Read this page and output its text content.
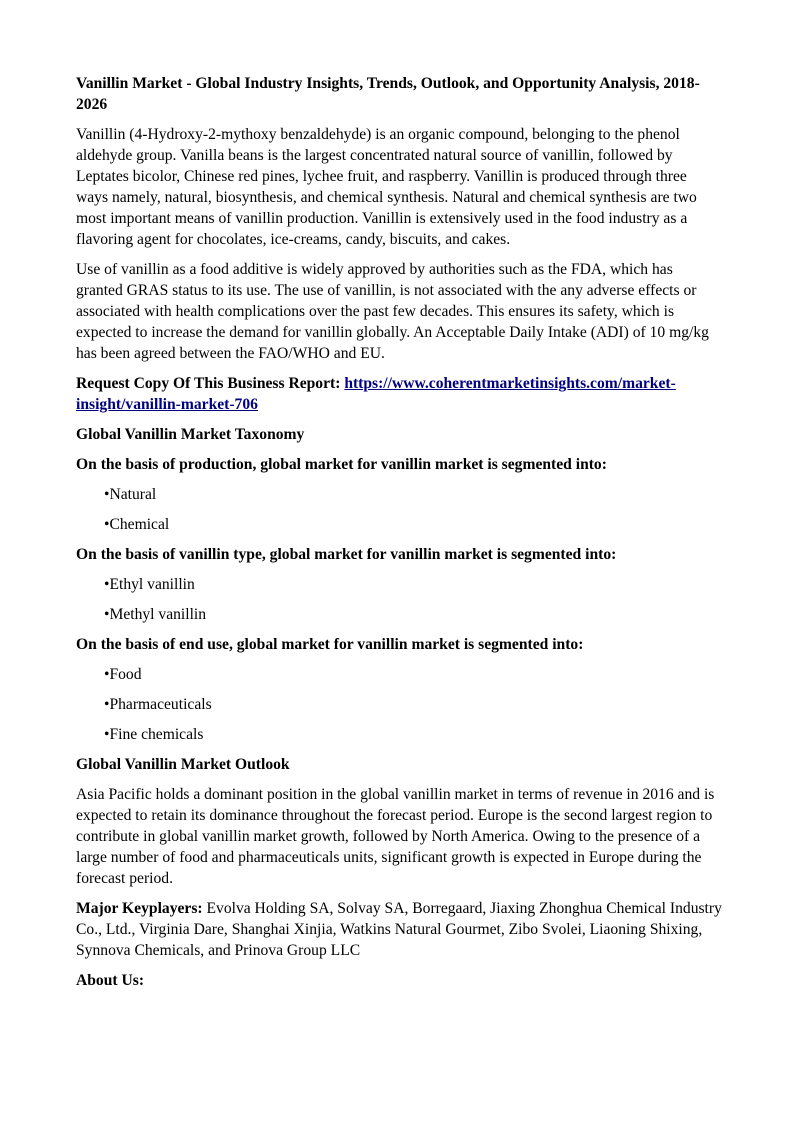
Vanillin Market - Global Industry Insights, Trends, Outlook, and Opportunity Analysis, 2018-2026

Vanillin (4-Hydroxy-2-mythoxy benzaldehyde) is an organic compound, belonging to the phenol aldehyde group. Vanilla beans is the largest concentrated natural source of vanillin, followed by Leptates bicolor, Chinese red pines, lychee fruit, and raspberry. Vanillin is produced through three ways namely, natural, biosynthesis, and chemical synthesis. Natural and chemical synthesis are two most important means of vanillin production. Vanillin is extensively used in the food industry as a flavoring agent for chocolates, ice-creams, candy, biscuits, and cakes.

Use of vanillin as a food additive is widely approved by authorities such as the FDA, which has granted GRAS status to its use. The use of vanillin, is not associated with the any adverse effects or associated with health complications over the past few decades. This ensures its safety, which is expected to increase the demand for vanillin globally. An Acceptable Daily Intake (ADI) of 10 mg/kg has been agreed between the FAO/WHO and EU.

Request Copy Of This Business Report: https://www.coherentmarketinsights.com/market-insight/vanillin-market-706

Global Vanillin Market Taxonomy

On the basis of production, global market for vanillin market is segmented into:

•Natural

•Chemical

On the basis of vanillin type, global market for vanillin market is segmented into:

•Ethyl vanillin

•Methyl vanillin

On the basis of end use, global market for vanillin market is segmented into:

•Food

•Pharmaceuticals

•Fine chemicals

Global Vanillin Market Outlook

Asia Pacific holds a dominant position in the global vanillin market in terms of revenue in 2016 and is expected to retain its dominance throughout the forecast period. Europe is the second largest region to contribute in global vanillin market growth, followed by North America. Owing to the presence of a large number of food and pharmaceuticals units, significant growth is expected in Europe during the forecast period.

Major Keyplayers: Evolva Holding SA, Solvay SA, Borregaard, Jiaxing Zhonghua Chemical Industry Co., Ltd., Virginia Dare, Shanghai Xinjia, Watkins Natural Gourmet, Zibo Svolei, Liaoning Shixing, Synnova Chemicals, and Prinova Group LLC

About Us:
